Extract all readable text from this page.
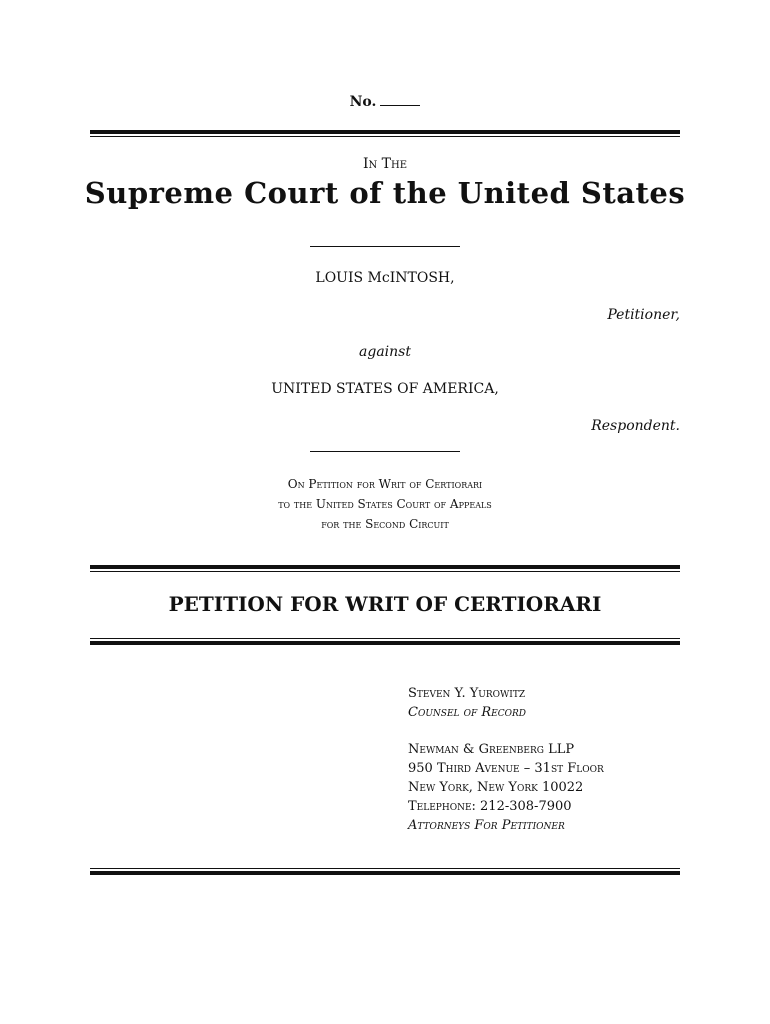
No.
In The
Supreme Court of the United States
LOUIS McINTOSH,
Petitioner,
against
UNITED STATES OF AMERICA,
Respondent.
On Petition for Writ of Certiorari
to the United States Court of Appeals
for the Second Circuit
PETITION FOR WRIT OF CERTIORARI
Steven Y. Yurowitz
Counsel of Record
Newman & Greenberg LLP
950 Third Avenue – 31st Floor
New York, New York 10022
Telephone: 212-308-7900
Attorneys For Petitioner
